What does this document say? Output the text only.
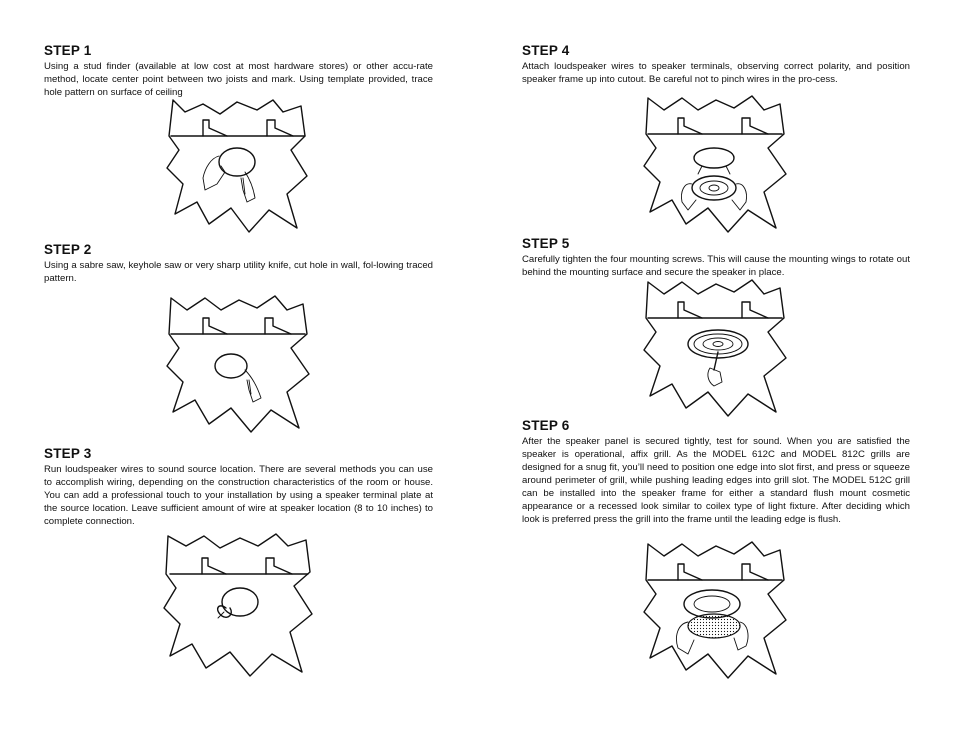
STEP 1

Using a stud finder (available at low cost at most hardware stores) or other accu-rate method, locate center point between two joists and mark. Using template provided, trace hole pattern on surface of ceiling

STEP 2

Using a sabre saw, keyhole saw or very sharp utility knife, cut hole in wall, fol-lowing traced pattern.

STEP 3

Run loudspeaker wires to sound source location. There are several methods you can use to accomplish wiring, depending on the construction characteristics of the room or house. You can add a professional touch to your installation by using a speaker terminal plate at the source location. Leave sufficient amount of wire at speaker location (8 to 10 inches) to complete connection.

STEP 4

Attach loudspeaker wires to speaker terminals, observing correct polarity, and position speaker frame up into cutout. Be careful not to pinch wires in the pro-cess.

STEP 5

Carefully tighten the four mounting screws. This will cause the mounting wings to rotate out behind the mounting surface and secure the speaker in place.

STEP 6

After the speaker panel is secured tightly, test for sound. When you are satisfied the speaker is operational, affix grill. As the MODEL 612C and MODEL 812C grills are designed for a snug fit, you’ll need to position one edge into slot first, and press or squeeze around perimeter of grill, while pushing leading edges into grill slot. The MODEL 512C grill can be installed into the speaker frame for either a standard flush mount cosmetic appearance or a recessed look similar to coilex type of light fixture. After deciding which look is preferred press the grill into the frame until the leading edge is flush.
